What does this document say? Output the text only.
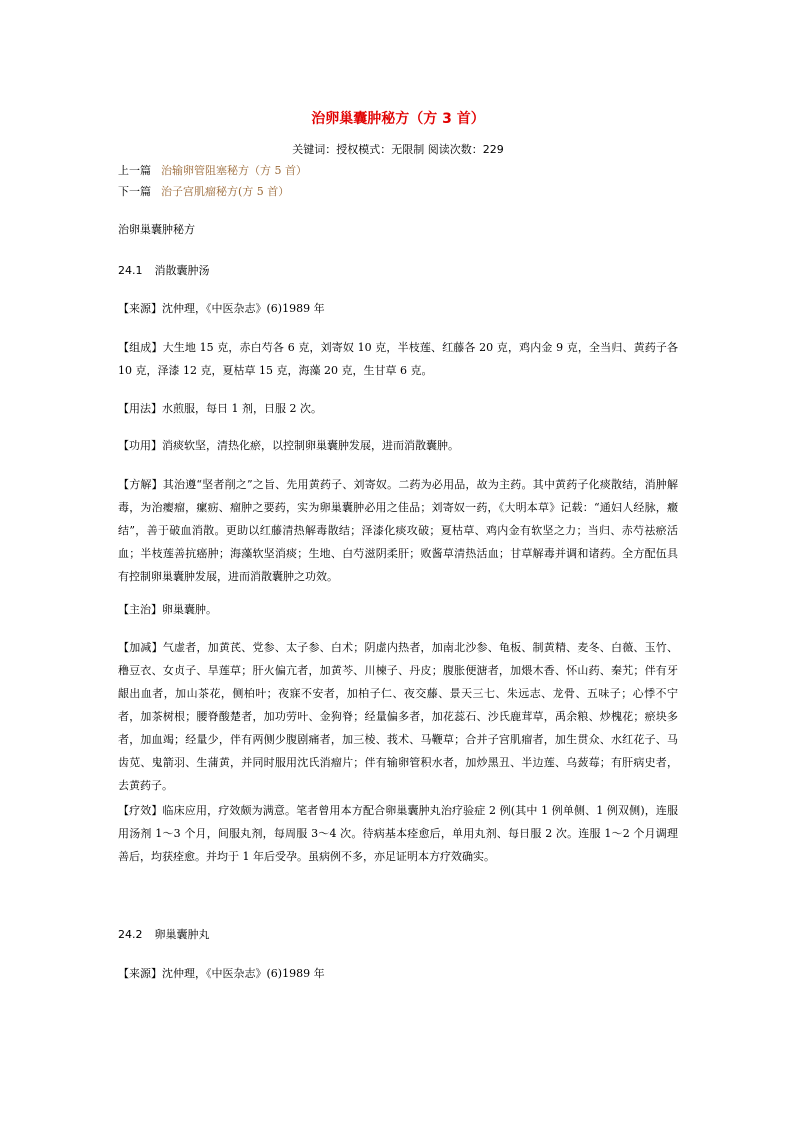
治卵巢囊肿秘方（方 3 首）
关键词：授权模式：无限制 阅读次数：229
上一篇 治输卵管阻塞秘方（方 5 首）
下一篇 治子宫肌瘤秘方(方 5 首）
治卵巢囊肿秘方
24.1 消散囊肿汤
【来源】沈仲理，《中医杂志》(6)1989 年
【组成】大生地 15 克，赤白芍各 6 克，刘寄奴 10 克，半枝莲、红藤各 20 克，鸡内金 9 克，全当归、黄药子各 10 克，泽漆 12 克，夏枯草 15 克，海藻 20 克，生甘草 6 克。
【用法】水煎服，每日 1 剂，日服 2 次。
【功用】消痰软坚，清热化瘀，以控制卵巢囊肿发展，进而消散囊肿。
【方解】其治遵“坚者削之”之旨、先用黄药子、刘寄奴。二药为必用品，故为主药。其中黄药子化痰散结，消肿解毒，为治瘿瘤，瘰疬、瘤肿之要药，实为卵巢囊肿必用之佳品；刘寄奴一药，《大明本草》记载：“通妇人经脉，癥结”，善于破血消散。更助以红藤清热解毒散结；泽漆化痰攻破；夏枯草、鸡内金有软坚之力；当归、赤芍祛瘀活血；半枝莲善抗癌肿；海藻软坚消痰；生地、白芍滋阴柔肝；败酱草清热活血；甘草解毒并调和诸药。全方配伍具有控制卵巢囊肿发展，进而消散囊肿之功效。
【主治】卵巢囊肿。
【加减】气虚者，加黄芪、党参、太子参、白术；阴虚内热者，加南北沙参、龟板、制黄精、麦冬、白薇、玉竹、穞豆衣、女贞子、旱莲草；肝火偏亢者，加黄芩、川楝子、丹皮；腹胀便溏者，加煨木香、怀山药、秦艽；伴有牙龈出血者，加山茶花，侧柏叶；夜寐不安者，加柏子仁、夜交藤、景天三七、朱远志、龙骨、五味子；心悸不宁者，加茶树根；腰脊酸楚者，加功劳叶、金狗脊；经量偏多者，加花蕊石、沙氏鹿茸草，禹余粮、炒槐花；瘀块多者，加血竭；经量少，伴有两侧少腹剧痛者，加三棱、莪术、马鞭草；合并子宫肌瘤者，加生贯众、水红花子、马齿苋、鬼箭羽、生蒲黄，并同时服用沈氏消瘤片；伴有输卵管积水者，加炒黑丑、半边莲、乌蔹莓；有肝病史者，去黄药子。
【疗效】临床应用，疗效颇为满意。笔者曾用本方配合卵巢囊肿丸治疗验症 2 例(其中 1 例单侧、1 例双侧)，连服用汤剂 1～3 个月，间服丸剂，每周服 3～4 次。待病基本痊愈后，单用丸剂、每日服 2 次。连服 1～2 个月调理善后，均获痊愈。并均于 1 年后受孕。虽病例不多，亦足证明本方疗效确实。
24.2 卵巢囊肿丸
【来源】沈仲理，《中医杂志》(6)1989 年
